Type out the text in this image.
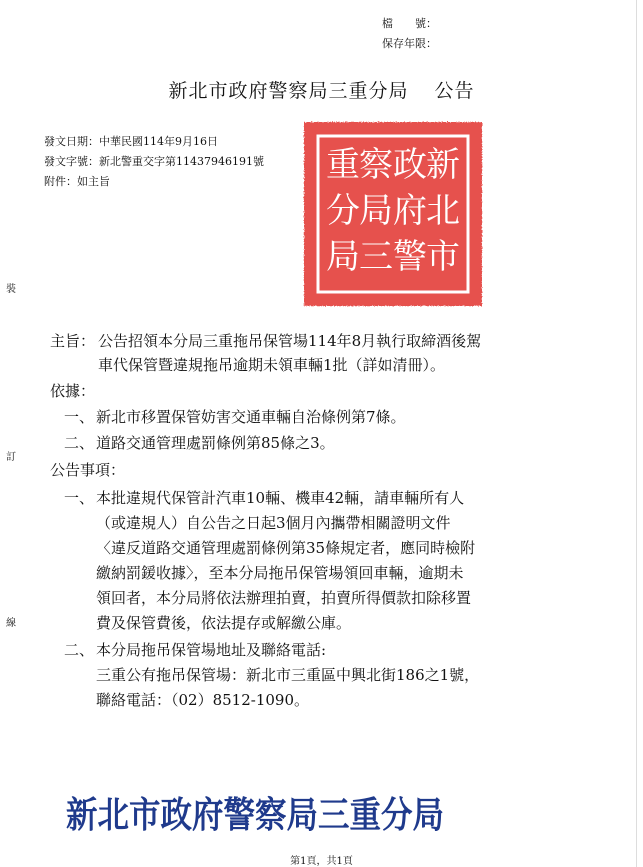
檔　　號：
保存年限：
新北市政府警察局三重分局 公告
發文日期：中華民國114年9月16日
發文字號：新北警重交字第11437946191號
附件：如主旨	新
北
市
政
府
警
察
局
三
重
分
局
裝
訂
線
主旨： 公告招領本分局三重拖吊保管場114年8月執行取締酒後駕
車代保管暨違規拖吊逾期未領車輛1批（詳如清冊）。
依據：
一、 新北市移置保管妨害交通車輛自治條例第7條。
二、 道路交通管理處罰條例第85條之3。
公告事項：
一、 本批違規代保管計汽車10輛、機車42輛，請車輛所有人
（或違規人）自公告之日起3個月內攜帶相關證明文件
〈違反道路交通管理處罰條例第35條規定者，應同時檢附
繳納罰鍰收據〉，至本分局拖吊保管場領回車輛，逾期未
領回者，本分局將依法辦理拍賣，拍賣所得價款扣除移置
費及保管費後，依法提存或解繳公庫。
二、 本分局拖吊保管場地址及聯絡電話:
三重公有拖吊保管場：新北市三重區中興北街186之1號，
聯絡電話：（02）8512-1090。
新北市政府警察局三重分局
第1頁，共1頁
